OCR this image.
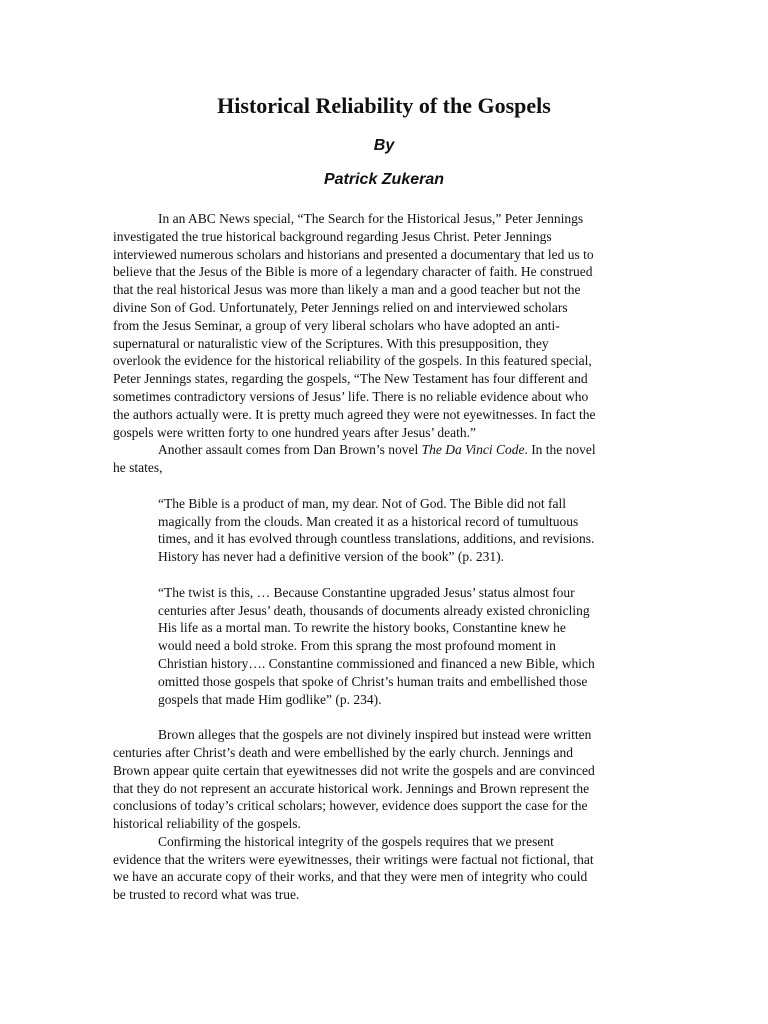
Historical Reliability of the Gospels
By
Patrick Zukeran
In an ABC News special, “The Search for the Historical Jesus,” Peter Jennings
investigated the true historical background regarding Jesus Christ. Peter Jennings
interviewed numerous scholars and historians and presented a documentary that led us to
believe that the Jesus of the Bible is more of a legendary character of faith. He construed
that the real historical Jesus was more than likely a man and a good teacher but not the
divine Son of God. Unfortunately, Peter Jennings relied on and interviewed scholars
from the Jesus Seminar, a group of very liberal scholars who have adopted an anti-
supernatural or naturalistic view of the Scriptures. With this presupposition, they
overlook the evidence for the historical reliability of the gospels. In this featured special,
Peter Jennings states, regarding the gospels, “The New Testament has four different and
sometimes contradictory versions of Jesus’ life. There is no reliable evidence about who
the authors actually were. It is pretty much agreed they were not eyewitnesses. In fact the
gospels were written forty to one hundred years after Jesus’ death.”
Another assault comes from Dan Brown’s novel The Da Vinci Code. In the novel
he states,
“The Bible is a product of man, my dear. Not of God. The Bible did not fall
magically from the clouds. Man created it as a historical record of tumultuous
times, and it has evolved through countless translations, additions, and revisions.
History has never had a definitive version of the book” (p. 231).
“The twist is this, … Because Constantine upgraded Jesus’ status almost four
centuries after Jesus’ death, thousands of documents already existed chronicling
His life as a mortal man. To rewrite the history books, Constantine knew he
would need a bold stroke. From this sprang the most profound moment in
Christian history…. Constantine commissioned and financed a new Bible, which
omitted those gospels that spoke of Christ’s human traits and embellished those
gospels that made Him godlike” (p. 234).
Brown alleges that the gospels are not divinely inspired but instead were written
centuries after Christ’s death and were embellished by the early church. Jennings and
Brown appear quite certain that eyewitnesses did not write the gospels and are convinced
that they do not represent an accurate historical work. Jennings and Brown represent the
conclusions of today’s critical scholars; however, evidence does support the case for the
historical reliability of the gospels.
Confirming the historical integrity of the gospels requires that we present
evidence that the writers were eyewitnesses, their writings were factual not fictional, that
we have an accurate copy of their works, and that they were men of integrity who could
be trusted to record what was true.
